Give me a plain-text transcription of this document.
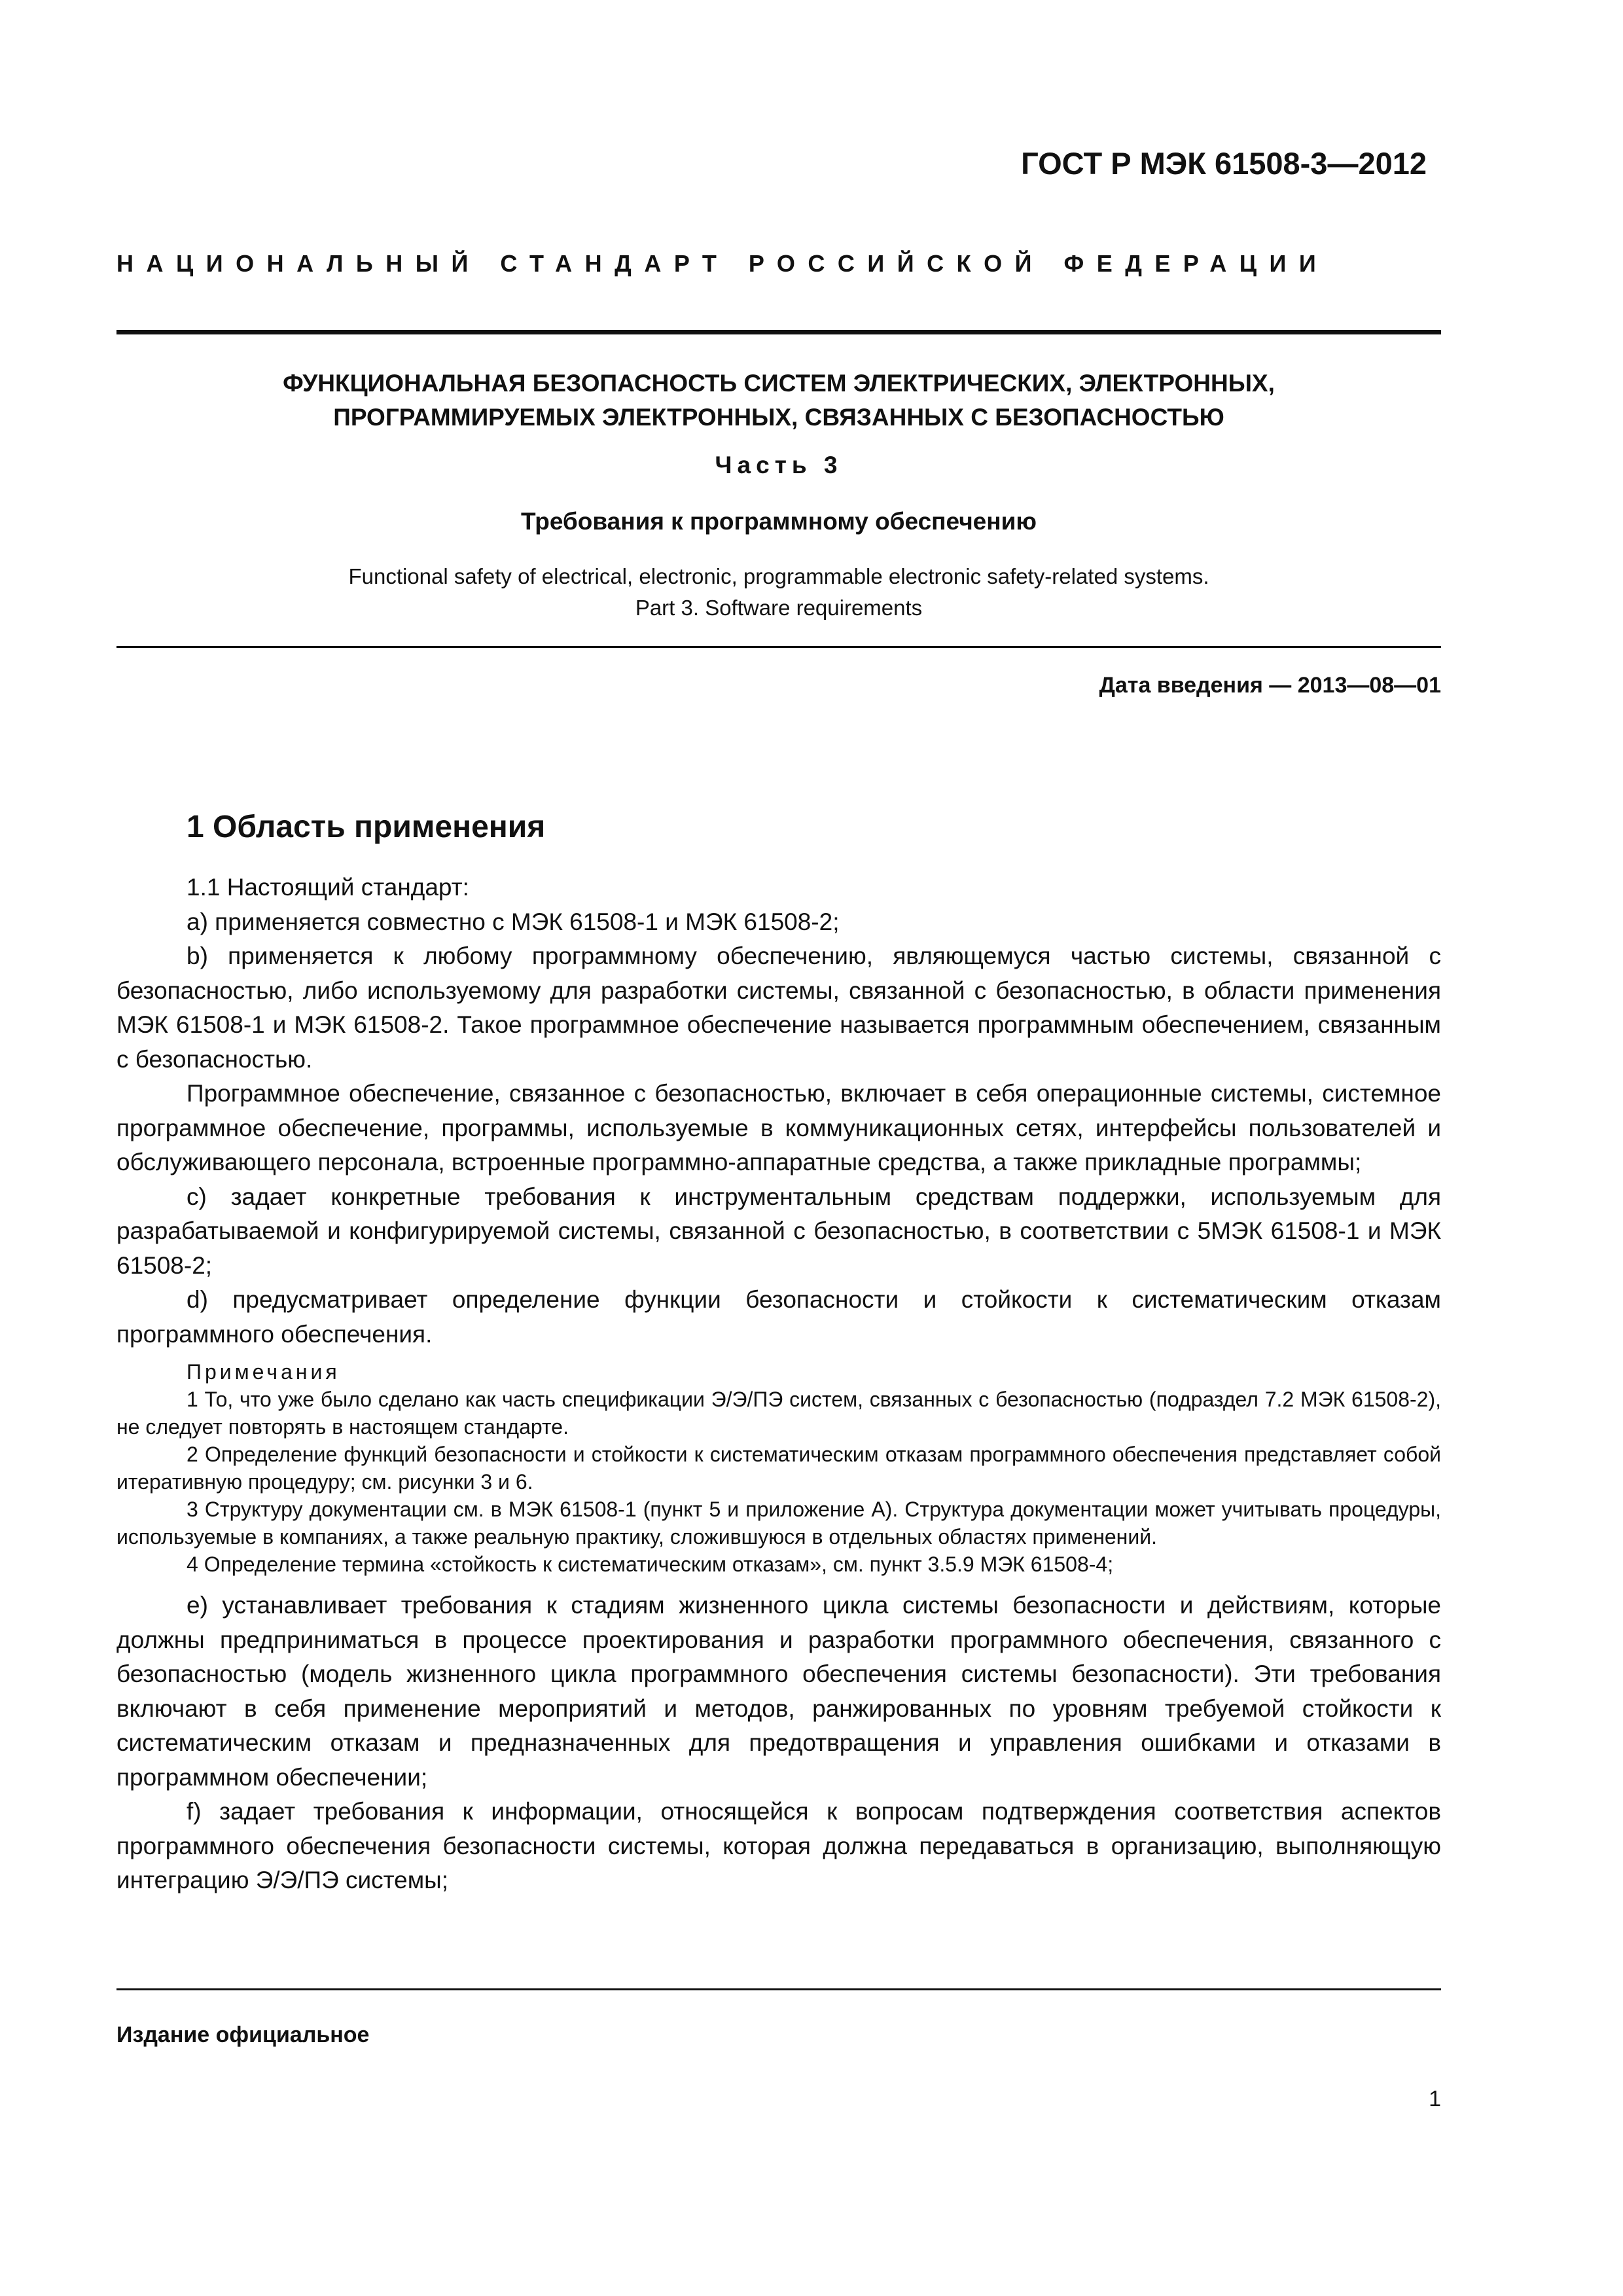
ГОСТ Р МЭК 61508-3—2012
НАЦИОНАЛЬНЫЙ СТАНДАРТ РОССИЙСКОЙ ФЕДЕРАЦИИ
ФУНКЦИОНАЛЬНАЯ БЕЗОПАСНОСТЬ СИСТЕМ ЭЛЕКТРИЧЕСКИХ, ЭЛЕКТРОННЫХ,
ПРОГРАММИРУЕМЫХ ЭЛЕКТРОННЫХ, СВЯЗАННЫХ С БЕЗОПАСНОСТЬЮ
Часть 3
Требования к программному обеспечению
Functional safety of electrical, electronic, programmable electronic safety-related systems.
Part 3. Software requirements
Дата введения — 2013—08—01
1 Область применения

1.1 Настоящий стандарт:

а) применяется совместно с МЭК 61508-1 и МЭК 61508-2;

b) применяется к любому программному обеспечению, являющемуся частью системы, связанной с безопасностью, либо используемому для разработки системы, связанной с безопасностью, в области применения МЭК 61508-1 и МЭК 61508-2. Такое программное обеспечение называется программным обеспечением, связанным с безопасностью.

Программное обеспечение, связанное с безопасностью, включает в себя операционные системы, системное программное обеспечение, программы, используемые в коммуникационных сетях, интерфейсы пользователей и обслуживающего персонала, встроенные программно-аппаратные средства, а также прикладные программы;

с) задает конкретные требования к инструментальным средствам поддержки, используемым для разрабатываемой и конфигурируемой системы, связанной с безопасностью, в соответствии с 5МЭК 61508-1 и МЭК 61508-2;

d) предусматривает определение функции безопасности и стойкости к систематическим отказам программного обеспечения.

Примечания

1 То, что уже было сделано как часть спецификации Э/Э/ПЭ систем, связанных с безопасностью (подраздел 7.2 МЭК 61508-2), не следует повторять в настоящем стандарте.

2 Определение функций безопасности и стойкости к систематическим отказам программного обеспечения представляет собой итеративную процедуру; см. рисунки 3 и 6.

3 Структуру документации см. в МЭК 61508-1 (пункт 5 и приложение А). Структура документации может учитывать процедуры, используемые в компаниях, а также реальную практику, сложившуюся в отдельных областях применений.

4 Определение термина «стойкость к систематическим отказам», см. пункт 3.5.9 МЭК 61508-4;

е) устанавливает требования к стадиям жизненного цикла системы безопасности и действиям, которые должны предприниматься в процессе проектирования и разработки программного обеспечения, связанного с безопасностью (модель жизненного цикла программного обеспечения системы безопасности). Эти требования включают в себя применение мероприятий и методов, ранжированных по уровням требуемой стойкости к систематическим отказам и предназначенных для предотвращения и управления ошибками и отказами в программном обеспечении;

f) задает требования к информации, относящейся к вопросам подтверждения соответствия аспектов программного обеспечения безопасности системы, которая должна передаваться в организацию, выполняющую интеграцию Э/Э/ПЭ системы;

Издание официальное
1
